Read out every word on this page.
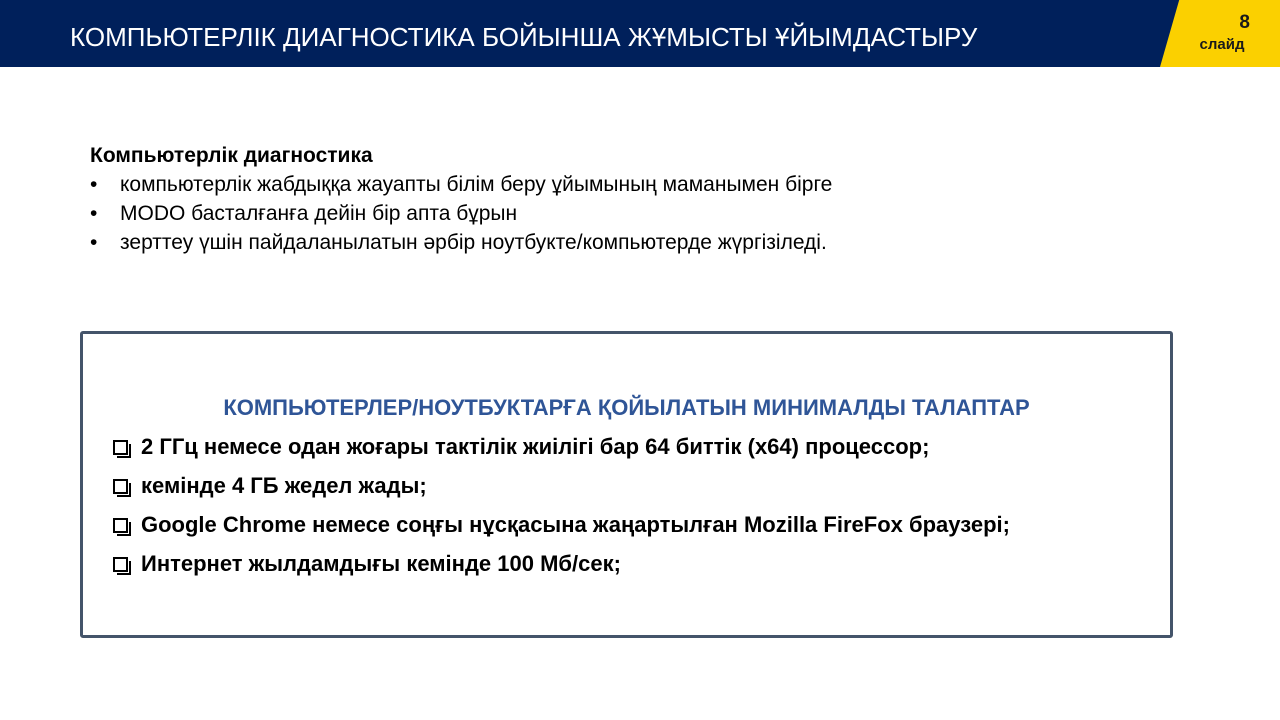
КОМПЬЮТЕРЛІК ДИАГНОСТИКА БОЙЫНША ЖҰМЫСТЫ ҰЙЫМДАСТЫРУ	8
слайд
Компьютерлік диагностика
• компьютерлік жабдыққа жауапты білім беру ұйымының маманымен бірге
• MODO басталғанға дейін бір апта бұрын
• зерттеу үшін пайдаланылатын әрбір ноутбукте/компьютерде жүргізіледі.
КОМПЬЮТЕРЛЕР/НОУТБУКТАРҒА ҚОЙЫЛАТЫН МИНИМАЛДЫ ТАЛАПТАР
2 ГГц немесе одан жоғары тактілік жиілігі бар 64 биттік (x64) процессор;
кемінде 4 ГБ жедел жады;
Google Chrome немесе соңғы нұсқасына жаңартылған Mozilla FireFox браузері;
Интернет жылдамдығы кемінде 100 Мб/сек;
